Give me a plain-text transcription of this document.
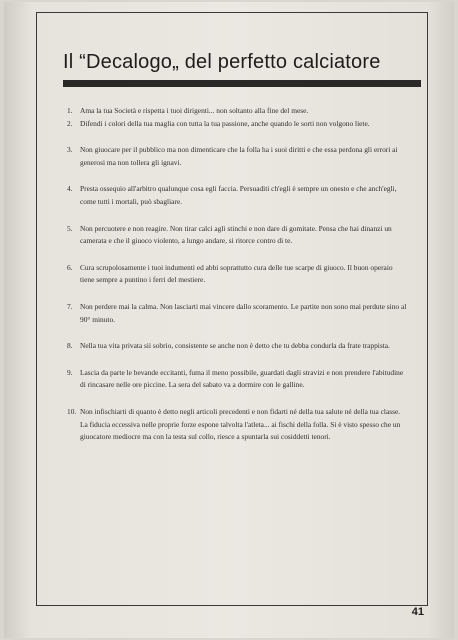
Il “Decalogo„ del perfetto calciatore
1. Ama la tua Società e rispetta i tuoi dirigenti... non soltanto alla fine del mese.
2. Difendi i colori della tua maglia con tutta la tua passione, anche quando le sorti non volgono liete.
3. Non giuocare per il pubblico ma non dimenticare che la folla ha i suoi diritti e che essa perdona gli errori ai generosi ma non tollera gli ignavi.
4. Presta ossequio all'arbitro qualunque cosa egli faccia. Persuaditi ch'egli è sempre un onesto e che anch'egli, come tutti i mortali, può sbagliare.
5. Non percuotere e non reagire. Non tirar calci agli stinchi e non dare di gomitate. Pensa che hai dinanzi un camerata e che il giuoco violento, a lungo andare, si ritorce contro di te.
6. Cura scrupolosamente i tuoi indumenti ed abbi soprattutto cura delle tue scarpe di giuoco. Il buon operaio tiene sempre a puntino i ferri del mestiere.
7. Non perdere mai la calma. Non lasciarti mai vincere dallo scoramento. Le partite non sono mai perdute sino al 90° minuto.
8. Nella tua vita privata sii sobrio, consistente se anche non è detto che tu debba condurla da frate trappista.
9. Lascia da parte le bevande eccitanti, fuma il meno possibile, guardati dagli stravizi e non prendere l'abitudine di rincasare nelle ore piccine. La sera del sabato va a dormire con le galline.
10. Non infischiarti di quanto è detto negli articoli precedenti e non fidarti né della tua salute né della tua classe. La fiducia eccessiva nelle proprie forze espone talvolta l'atleta... ai fischi della folla. Si è visto spesso che un giuocatore mediocre ma con la testa sul collo, riesce a spuntarla sui cosiddetti tenori.
41
